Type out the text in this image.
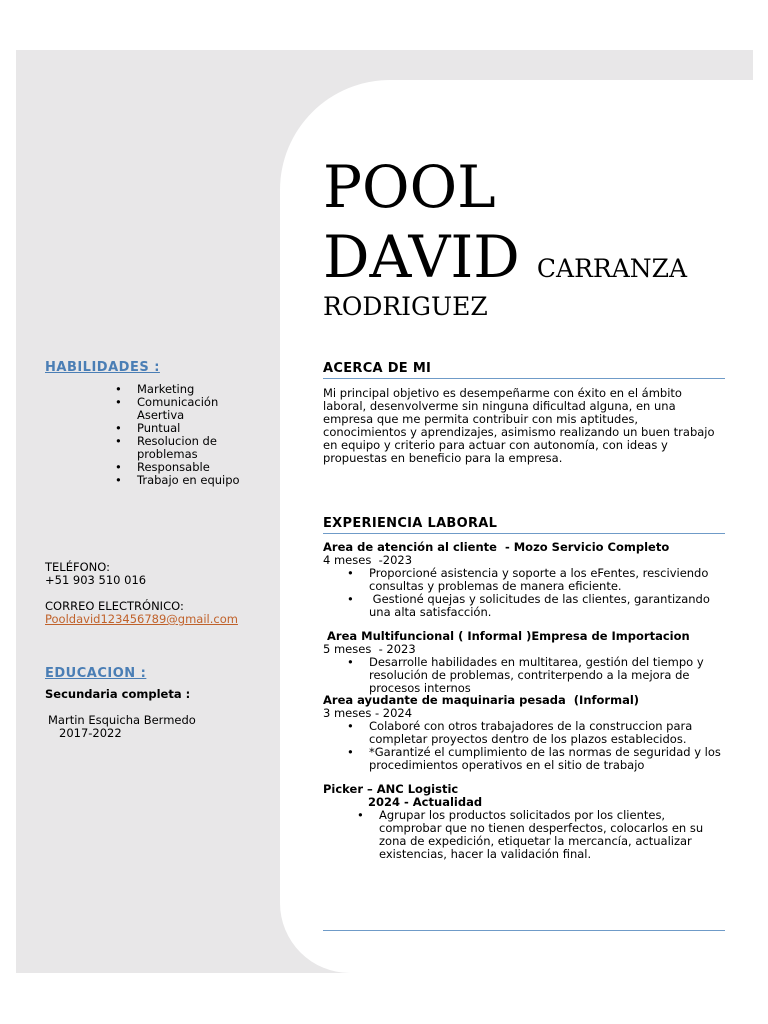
POOL
DAVID CARRANZA
RODRIGUEZ
HABILIDADES :
• Marketing
• Comunicación Asertiva
• Puntual
• Resolucion de problemas
• Responsable
• Trabajo en equipo
TELÉFONO:
+51 903 510 016
CORREO ELECTRÓNICO:
Pooldavid123456789@gmail.com
EDUCACION :
Secundaria completa :
Martin Esquicha Bermedo
2017-2022
ACERCA DE MI
Mi principal objetivo es desempeñarme con éxito en el ámbito laboral, desenvolverme sin ninguna dificultad alguna, en una empresa que me permita contribuir con mis aptitudes, conocimientos y aprendizajes, asimismo realizando un buen trabajo en equipo y criterio para actuar con autonomía, con ideas y propuestas en beneficio para la empresa.
EXPERIENCIA LABORAL
Area de atención al cliente  - Mozo Servicio Completo
4 meses  -2023
• Proporcioné asistencia y soporte a los eFentes, resciviendo consultas y problemas de manera eficiente.
•  Gestioné quejas y solicitudes de las clientes, garantizando una alta satisfacción.
Area Multifuncional ( Informal )Empresa de Importacion
5 meses  - 2023
• Desarrolle habilidades en multitarea, gestión del tiempo y resolución de problemas, contriterpendo a la mejora de procesos internos
Area ayudante de maquinaria pesada  (Informal)
3 meses - 2024
• Colaboré con otros trabajadores de la construccion para completar proyectos dentro de los plazos establecidos.
• *Garantizé el cumplimiento de las normas de seguridad y los procedimientos operativos en el sitio de trabajo
Picker – ANC Logistic
2024 - Actualidad
• Agrupar los productos solicitados por los clientes, comprobar que no tienen desperfectos, colocarlos en su zona de expedición, etiquetar la mercancía, actualizar existencias, hacer la validación final.
